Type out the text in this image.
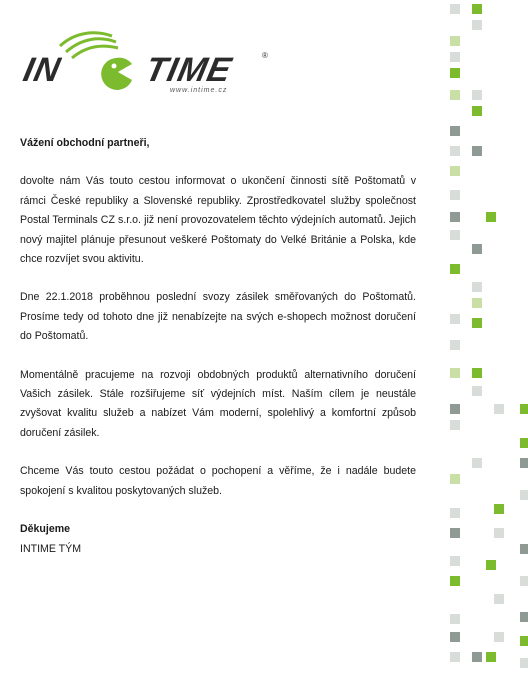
IN TIME	®
www.intime.cz

Vážení obchodní partneři,

dovolte nám Vás touto cestou informovat o ukončení činnosti sítě Poštomatů v rámci České republiky a Slovenské republiky. Zprostředkovatel služby společnost Postal Terminals CZ s.r.o. již není provozovatelem těchto výdejních automatů. Jejich nový majitel plánuje přesunout veškeré Poštomaty do Velké Británie a Polska, kde chce rozvíjet svou aktivitu.

Dne 22.1.2018 proběhnou poslední svozy zásilek směřovaných do Poštomatů. Prosíme tedy od tohoto dne již nenabízejte na svých e-shopech možnost doručení do Poštomatů.

Momentálně pracujeme na rozvoji obdobných produktů alternativního doručení Vašich zásilek. Stále rozšiřujeme síť výdejních míst. Naším cílem je neustále zvyšovat kvalitu služeb a nabízet Vám moderní, spolehlivý a komfortní způsob doručení zásilek.

Chceme Vás touto cestou požádat o pochopení a věříme, že i nadále budete spokojení s kvalitou poskytovaných služeb.

Děkujeme

INTIME TÝM
